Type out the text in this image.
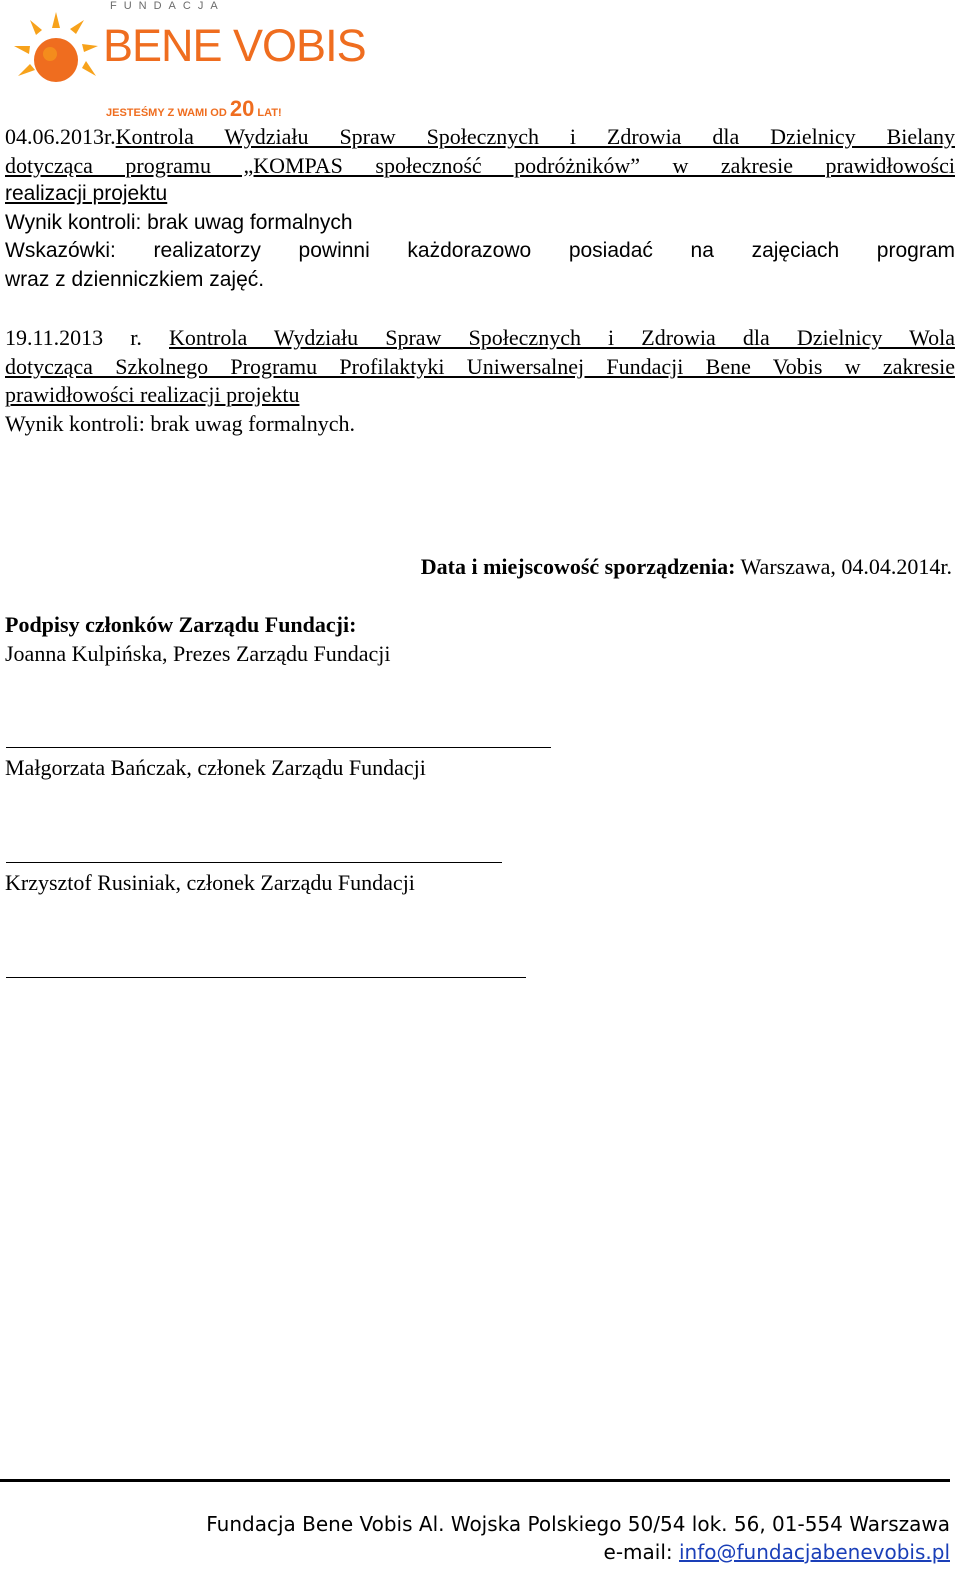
FUNDACJA
BENE VOBIS
JESTEŚMY Z WAMI OD 20 LAT!
04.06.2013r.Kontrola Wydziału Spraw Społecznych i Zdrowia dla Dzielnicy Bielany
dotycząca programu „KOMPAS społeczność podróżników” w zakresie prawidłowości
realizacji projektu
Wynik kontroli: brak uwag formalnych
Wskazówki: realizatorzy powinni każdorazowo posiadać na zajęciach program
wraz z dzienniczkiem zajęć.
19.11.2013 r. Kontrola Wydziału Spraw Społecznych i Zdrowia dla Dzielnicy Wola
dotycząca Szkolnego Programu Profilaktyki Uniwersalnej Fundacji Bene Vobis w zakresie
prawidłowości realizacji projektu
Wynik kontroli: brak uwag formalnych.
Data i miejscowość sporządzenia: Warszawa, 04.04.2014r.
Podpisy członków Zarządu Fundacji:
Joanna Kulpińska, Prezes Zarządu Fundacji
Małgorzata Bańczak, członek Zarządu Fundacji
Krzysztof Rusiniak, członek Zarządu Fundacji
Fundacja Bene Vobis Al. Wojska Polskiego 50/54 lok. 56, 01-554 Warszawa
e-mail: info@fundacjabenevobis.pl
